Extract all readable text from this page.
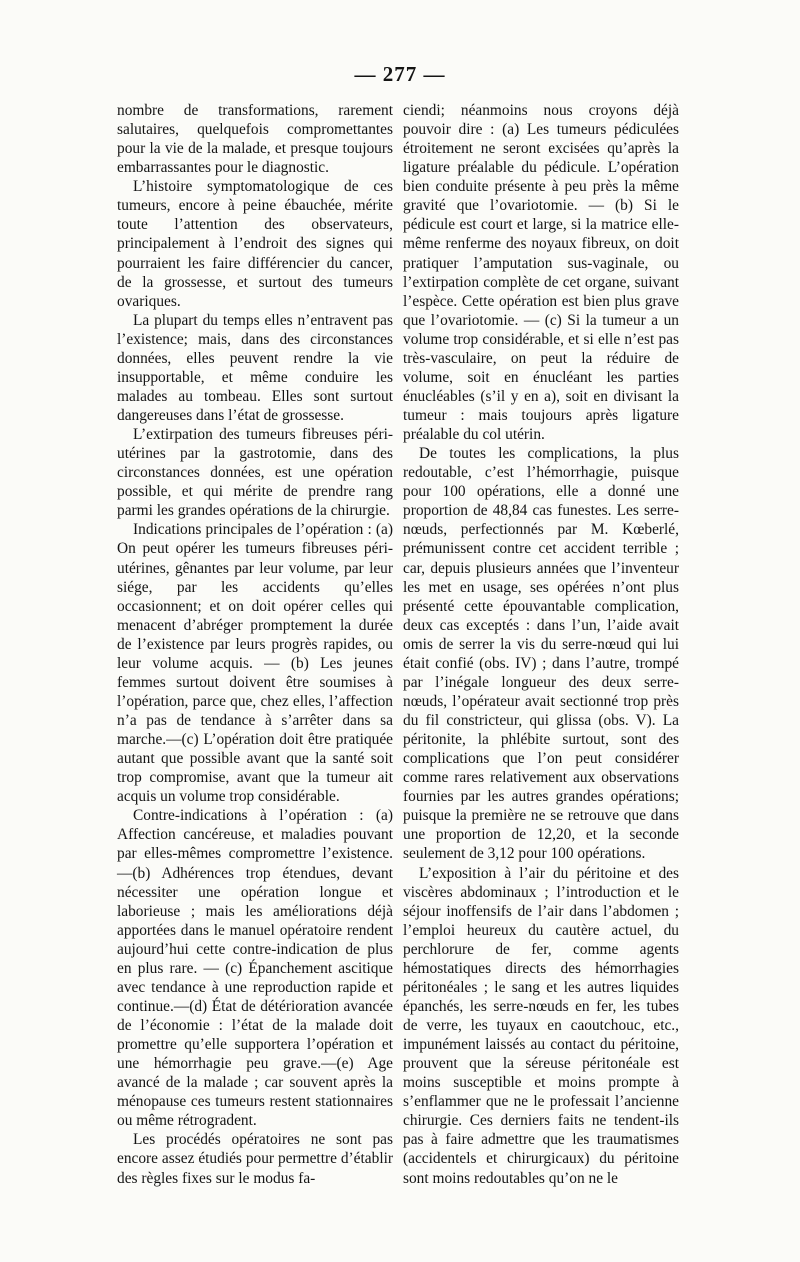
— 277 —

nombre de transformations, rarement salutaires, quelquefois compromettantes pour la vie de la malade, et presque toujours embarrassantes pour le diagnostic.

L’histoire symptomatologique de ces tumeurs, encore à peine ébauchée, mérite toute l’attention des observateurs, principalement à l’endroit des signes qui pourraient les faire différencier du cancer, de la grossesse, et surtout des tumeurs ovariques.

La plupart du temps elles n’entravent pas l’existence; mais, dans des circonstances données, elles peuvent rendre la vie insupportable, et même conduire les malades au tombeau. Elles sont surtout dangereuses dans l’état de grossesse.

L’extirpation des tumeurs fibreuses péri-utérines par la gastrotomie, dans des circonstances données, est une opération possible, et qui mérite de prendre rang parmi les grandes opérations de la chirurgie.

Indications principales de l’opération : (a) On peut opérer les tumeurs fibreuses péri-utérines, gênantes par leur volume, par leur siége, par les accidents qu’elles occasionnent; et on doit opérer celles qui menacent d’abréger promptement la durée de l’existence par leurs progrès rapides, ou leur volume acquis. — (b) Les jeunes femmes surtout doivent être soumises à l’opération, parce que, chez elles, l’affection n’a pas de tendance à s’arrêter dans sa marche.—(c) L’opération doit être pratiquée autant que possible avant que la santé soit trop compromise, avant que la tumeur ait acquis un volume trop considérable.

Contre-indications à l’opération : (a) Affection cancéreuse, et maladies pouvant par elles-mêmes compromettre l’existence.—(b) Adhérences trop étendues, devant nécessiter une opération longue et laborieuse ; mais les améliorations déjà apportées dans le manuel opératoire rendent aujourd’hui cette contre-indication de plus en plus rare. — (c) Épanchement ascitique avec tendance à une reproduction rapide et continue.—(d) État de détérioration avancée de l’économie : l’état de la malade doit promettre qu’elle supportera l’opération et une hémorrhagie peu grave.—(e) Age avancé de la malade ; car souvent après la ménopause ces tumeurs restent stationnaires ou même rétrogradent.

Les procédés opératoires ne sont pas encore assez étudiés pour permettre d’établir des règles fixes sur le modus fa-

ciendi; néanmoins nous croyons déjà pouvoir dire : (a) Les tumeurs pédiculées étroitement ne seront excisées qu’après la ligature préalable du pédicule. L’opération bien conduite présente à peu près la même gravité que l’ovariotomie. — (b) Si le pédicule est court et large, si la matrice elle-même renferme des noyaux fibreux, on doit pratiquer l’amputation sus-vaginale, ou l’extirpation complète de cet organe, suivant l’espèce. Cette opération est bien plus grave que l’ovariotomie. — (c) Si la tumeur a un volume trop considérable, et si elle n’est pas très-vasculaire, on peut la réduire de volume, soit en énucléant les parties énucléables (s’il y en a), soit en divisant la tumeur : mais toujours après ligature préalable du col utérin.

De toutes les complications, la plus redoutable, c’est l’hémorrhagie, puisque pour 100 opérations, elle a donné une proportion de 48,84 cas funestes. Les serre-nœuds, perfectionnés par M. Kœberlé, prémunissent contre cet accident terrible ; car, depuis plusieurs années que l’inventeur les met en usage, ses opérées n’ont plus présenté cette épouvantable complication, deux cas exceptés : dans l’un, l’aide avait omis de serrer la vis du serre-nœud qui lui était confié (obs. IV) ; dans l’autre, trompé par l’inégale longueur des deux serre-nœuds, l’opérateur avait sectionné trop près du fil constricteur, qui glissa (obs. V). La péritonite, la phlébite surtout, sont des complications que l’on peut considérer comme rares relativement aux observations fournies par les autres grandes opérations; puisque la première ne se retrouve que dans une proportion de 12,20, et la seconde seulement de 3,12 pour 100 opérations.

L’exposition à l’air du péritoine et des viscères abdominaux ; l’introduction et le séjour inoffensifs de l’air dans l’abdomen ; l’emploi heureux du cautère actuel, du perchlorure de fer, comme agents hémostatiques directs des hémorrhagies péritonéales ; le sang et les autres liquides épanchés, les serre-nœuds en fer, les tubes de verre, les tuyaux en caoutchouc, etc., impunément laissés au contact du péritoine, prouvent que la séreuse péritonéale est moins susceptible et moins prompte à s’enflammer que ne le professait l’ancienne chirurgie. Ces derniers faits ne tendent-ils pas à faire admettre que les traumatismes (accidentels et chirurgicaux) du péritoine sont moins redoutables qu’on ne le
